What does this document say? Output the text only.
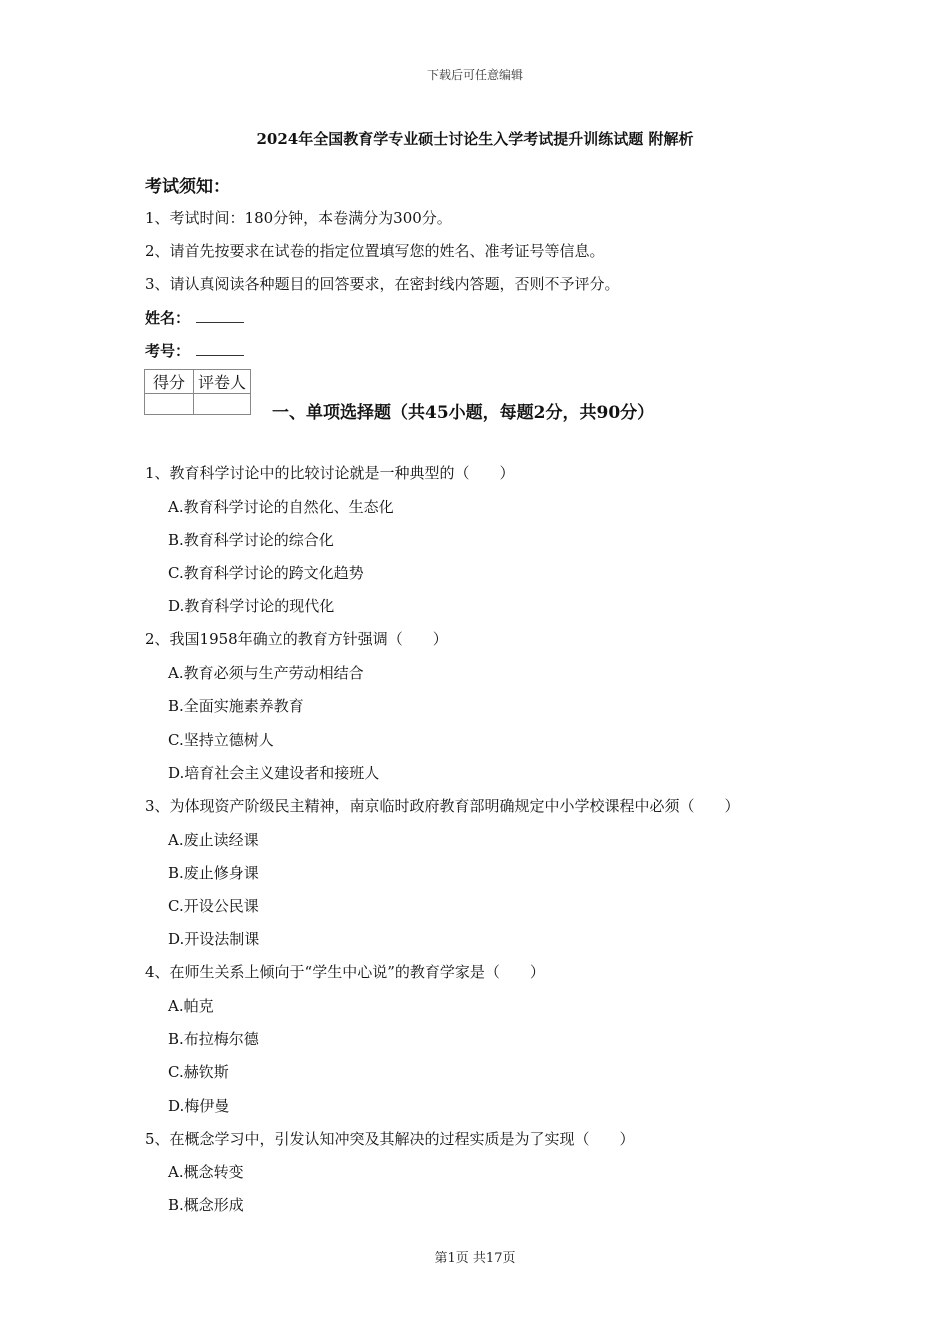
下载后可任意编辑
2024年全国教育学专业硕士讨论生入学考试提升训练试题 附解析
考试须知：
1、考试时间：180分钟，本卷满分为300分。
2、请首先按要求在试卷的指定位置填写您的姓名、准考证号等信息。
3、请认真阅读各种题目的回答要求，在密封线内答题，否则不予评分。
姓名：
考号：
得分	评卷人

一、单项选择题（共45小题，每题2分，共90分）
1、教育科学讨论中的比较讨论就是一种典型的（　　）
A.教育科学讨论的自然化、生态化
B.教育科学讨论的综合化
C.教育科学讨论的跨文化趋势
D.教育科学讨论的现代化
2、我国1958年确立的教育方针强调（　　）
A.教育必须与生产劳动相结合
B.全面实施素养教育
C.坚持立德树人
D.培育社会主义建设者和接班人
3、为体现资产阶级民主精神，南京临时政府教育部明确规定中小学校课程中必须（　　）
A.废止读经课
B.废止修身课
C.开设公民课
D.开设法制课
4、在师生关系上倾向于“学生中心说”的教育学家是（　　）
A.帕克
B.布拉梅尔德
C.赫钦斯
D.梅伊曼
5、在概念学习中，引发认知冲突及其解决的过程实质是为了实现（　　）
A.概念转变
B.概念形成
第1页 共17页
